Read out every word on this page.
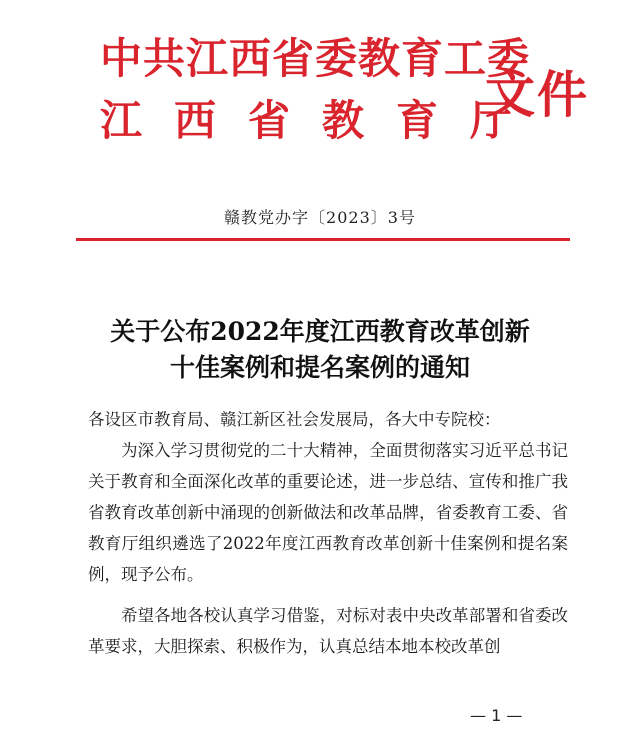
中共江西省委教育工委
江西省教育厅
文件
赣教党办字〔2023〕3号
关于公布2022年度江西教育改革创新
十佳案例和提名案例的通知
各设区市教育局、赣江新区社会发展局，各大中专院校：

为深入学习贯彻党的二十大精神，全面贯彻落实习近平总书记关于教育和全面深化改革的重要论述，进一步总结、宣传和推广我省教育改革创新中涌现的创新做法和改革品牌，省委教育工委、省教育厅组织遴选了2022年度江西教育改革创新十佳案例和提名案例，现予公布。

希望各地各校认真学习借鉴，对标对表中央改革部署和省委改革要求，大胆探索、积极作为，认真总结本地本校改革创

— 1 —
